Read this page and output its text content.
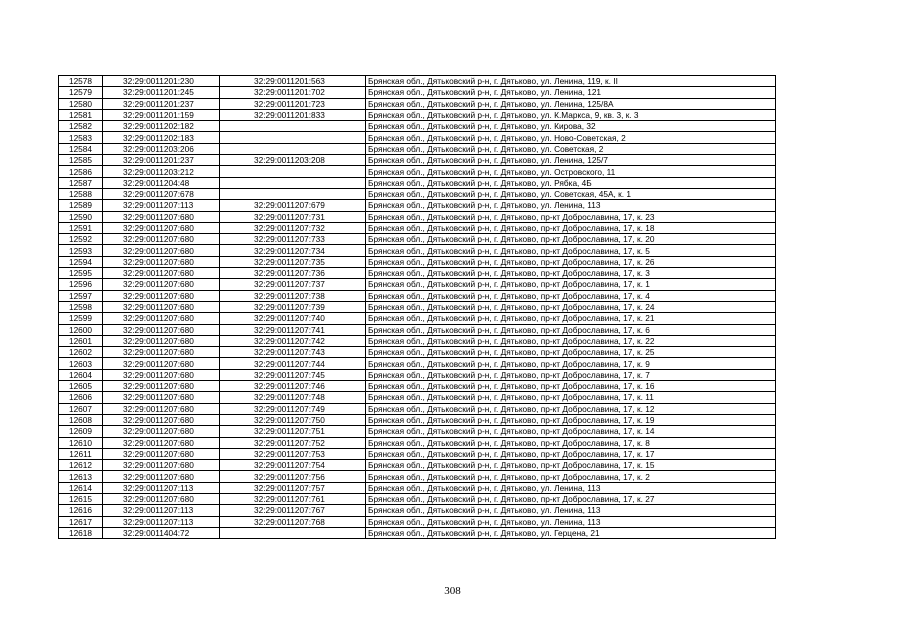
12578	32:29:0011201:230	32:29:0011201:563	Брянская обл., Дятьковский р-н, г. Дятьково, ул. Ленина, 119, к. II
12579	32:29:0011201:245	32:29:0011201:702	Брянская обл., Дятьковский р-н, г. Дятьково, ул. Ленина, 121
12580	32:29:0011201:237	32:29:0011201:723	Брянская обл., Дятьковский р-н, г. Дятьково, ул. Ленина, 125/8А
12581	32:29:0011201:159	32:29:0011201:833	Брянская обл., Дятьковский р-н, г. Дятьково, ул. К.Маркса, 9, кв. 3, к. 3
12582	32:29:0011202:182		Брянская обл., Дятьковский р-н, г. Дятьково, ул. Кирова, 32
12583	32:29:0011202:183		Брянская обл., Дятьковский р-н, г. Дятьково, ул. Ново-Советская, 2
12584	32:29:0011203:206		Брянская обл., Дятьковский р-н, г. Дятьково, ул. Советская, 2
12585	32:29:0011201:237	32:29:0011203:208	Брянская обл., Дятьковский р-н, г. Дятьково, ул. Ленина, 125/7
12586	32:29:0011203:212		Брянская обл., Дятьковский р-н, г. Дятьково, ул. Островского, 11
12587	32:29:0011204:48		Брянская обл., Дятьковский р-н, г. Дятьково, ул. Рябка, 4Б
12588	32:29:0011207:678		Брянская обл., Дятьковский р-н, г. Дятьково, ул. Советская, 45А, к. 1
12589	32:29:0011207:113	32:29:0011207:679	Брянская обл., Дятьковский р-н, г. Дятьково, ул. Ленина, 113
12590	32:29:0011207:680	32:29:0011207:731	Брянская обл., Дятьковский р-н, г. Дятьково, пр-кт Доброславина, 17, к. 23
12591	32:29:0011207:680	32:29:0011207:732	Брянская обл., Дятьковский р-н, г. Дятьково, пр-кт Доброславина, 17, к. 18
12592	32:29:0011207:680	32:29:0011207:733	Брянская обл., Дятьковский р-н, г. Дятьково, пр-кт Доброславина, 17, к. 20
12593	32:29:0011207:680	32:29:0011207:734	Брянская обл., Дятьковский р-н, г. Дятьково, пр-кт Доброславина, 17, к. 5
12594	32:29:0011207:680	32:29:0011207:735	Брянская обл., Дятьковский р-н, г. Дятьково, пр-кт Доброславина, 17, к. 26
12595	32:29:0011207:680	32:29:0011207:736	Брянская обл., Дятьковский р-н, г. Дятьково, пр-кт Доброславина, 17, к. 3
12596	32:29:0011207:680	32:29:0011207:737	Брянская обл., Дятьковский р-н, г. Дятьково, пр-кт Доброславина, 17, к. 1
12597	32:29:0011207:680	32:29:0011207:738	Брянская обл., Дятьковский р-н, г. Дятьково, пр-кт Доброславина, 17, к. 4
12598	32:29:0011207:680	32:29:0011207:739	Брянская обл., Дятьковский р-н, г. Дятьково, пр-кт Доброславина, 17, к. 24
12599	32:29:0011207:680	32:29:0011207:740	Брянская обл., Дятьковский р-н, г. Дятьково, пр-кт Доброславина, 17, к. 21
12600	32:29:0011207:680	32:29:0011207:741	Брянская обл., Дятьковский р-н, г. Дятьково, пр-кт Доброславина, 17, к. 6
12601	32:29:0011207:680	32:29:0011207:742	Брянская обл., Дятьковский р-н, г. Дятьково, пр-кт Доброславина, 17, к. 22
12602	32:29:0011207:680	32:29:0011207:743	Брянская обл., Дятьковский р-н, г. Дятьково, пр-кт Доброславина, 17, к. 25
12603	32:29:0011207:680	32:29:0011207:744	Брянская обл., Дятьковский р-н, г. Дятьково, пр-кт Доброславина, 17, к. 9
12604	32:29:0011207:680	32:29:0011207:745	Брянская обл., Дятьковский р-н, г. Дятьково, пр-кт Доброславина, 17, к. 7
12605	32:29:0011207:680	32:29:0011207:746	Брянская обл., Дятьковский р-н, г. Дятьково, пр-кт Доброславина, 17, к. 16
12606	32:29:0011207:680	32:29:0011207:748	Брянская обл., Дятьковский р-н, г. Дятьково, пр-кт Доброславина, 17, к. 11
12607	32:29:0011207:680	32:29:0011207:749	Брянская обл., Дятьковский р-н, г. Дятьково, пр-кт Доброславина, 17, к. 12
12608	32:29:0011207:680	32:29:0011207:750	Брянская обл., Дятьковский р-н, г. Дятьково, пр-кт Доброславина, 17, к. 19
12609	32:29:0011207:680	32:29:0011207:751	Брянская обл., Дятьковский р-н, г. Дятьково, пр-кт Доброславина, 17, к. 14
12610	32:29:0011207:680	32:29:0011207:752	Брянская обл., Дятьковский р-н, г. Дятьково, пр-кт Доброславина, 17, к. 8
12611	32:29:0011207:680	32:29:0011207:753	Брянская обл., Дятьковский р-н, г. Дятьково, пр-кт Доброславина, 17, к. 17
12612	32:29:0011207:680	32:29:0011207:754	Брянская обл., Дятьковский р-н, г. Дятьково, пр-кт Доброславина, 17, к. 15
12613	32:29:0011207:680	32:29:0011207:756	Брянская обл., Дятьковский р-н, г. Дятьково, пр-кт Доброславина, 17, к. 2
12614	32:29:0011207:113	32:29:0011207:757	Брянская обл., Дятьковский р-н, г. Дятьково, ул. Ленина, 113
12615	32:29:0011207:680	32:29:0011207:761	Брянская обл., Дятьковский р-н, г. Дятьково, пр-кт Доброславина, 17, к. 27
12616	32:29:0011207:113	32:29:0011207:767	Брянская обл., Дятьковский р-н, г. Дятьково, ул. Ленина, 113
12617	32:29:0011207:113	32:29:0011207:768	Брянская обл., Дятьковский р-н, г. Дятьково, ул. Ленина, 113
12618	32:29:0011404:72		Брянская обл., Дятьковский р-н, г. Дятьково, ул. Герцена, 21
308
